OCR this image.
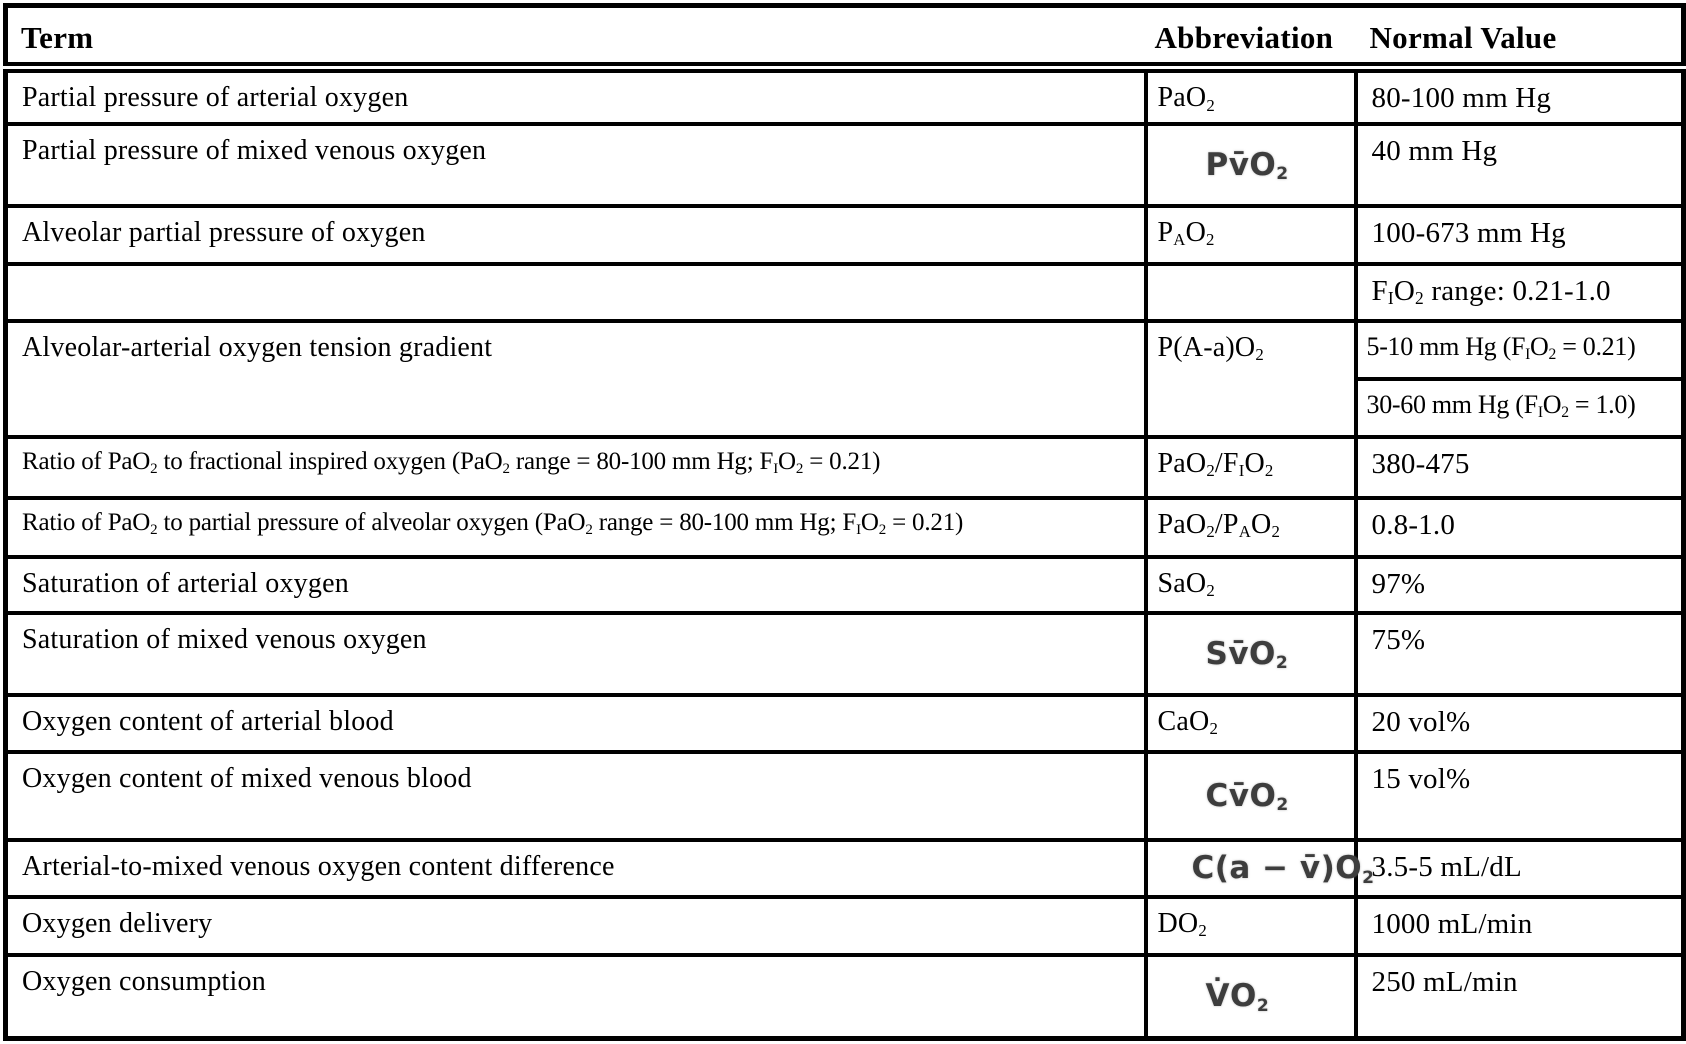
Term	Abbreviation	Normal Value
Partial pressure of arterial oxygen	PaO$_2$	80-100 mm Hg
Partial pressure of mixed venous oxygen	$Pv̄O_2$	40 mm Hg
Alveolar partial pressure of oxygen	$P_AO_2$	100-673 mm Hg
		$F_IO_2$ range: 0.21-1.0
Alveolar-arterial oxygen tension gradient	$P(A-a)O_2$	5-10 mm Hg $(F_IO_2 = 0.21)$
		30-60 mm Hg $(F_IO_2 = 1.0)$
Ratio of PaO$_2$ to fractional inspired oxygen (PaO$_2$ range = 80-100 mm Hg; $F_IO_2 = 0.21$)	$PaO_2/F_IO_2$	380-475
Ratio of PaO$_2$ to partial pressure of alveolar oxygen (PaO$_2$ range = 80-100 mm Hg; $F_IO_2 = 0.21$)	$PaO_2/P_AO_2$	0.8-1.0
Saturation of arterial oxygen	SaO$_2$	97%
Saturation of mixed venous oxygen	$Sv̄O_2$	75%
Oxygen content of arterial blood	CaO$_2$	20 vol%
Oxygen content of mixed venous blood	$Cv̄O_2$	15 vol%
Arterial-to-mixed venous oxygen content difference	$C(a - v̄)O_2$	3.5-5 mL/dL
Oxygen delivery	$DO_2$	1000 mL/min
Oxygen consumption	$V̇O_2$	250 mL/min
